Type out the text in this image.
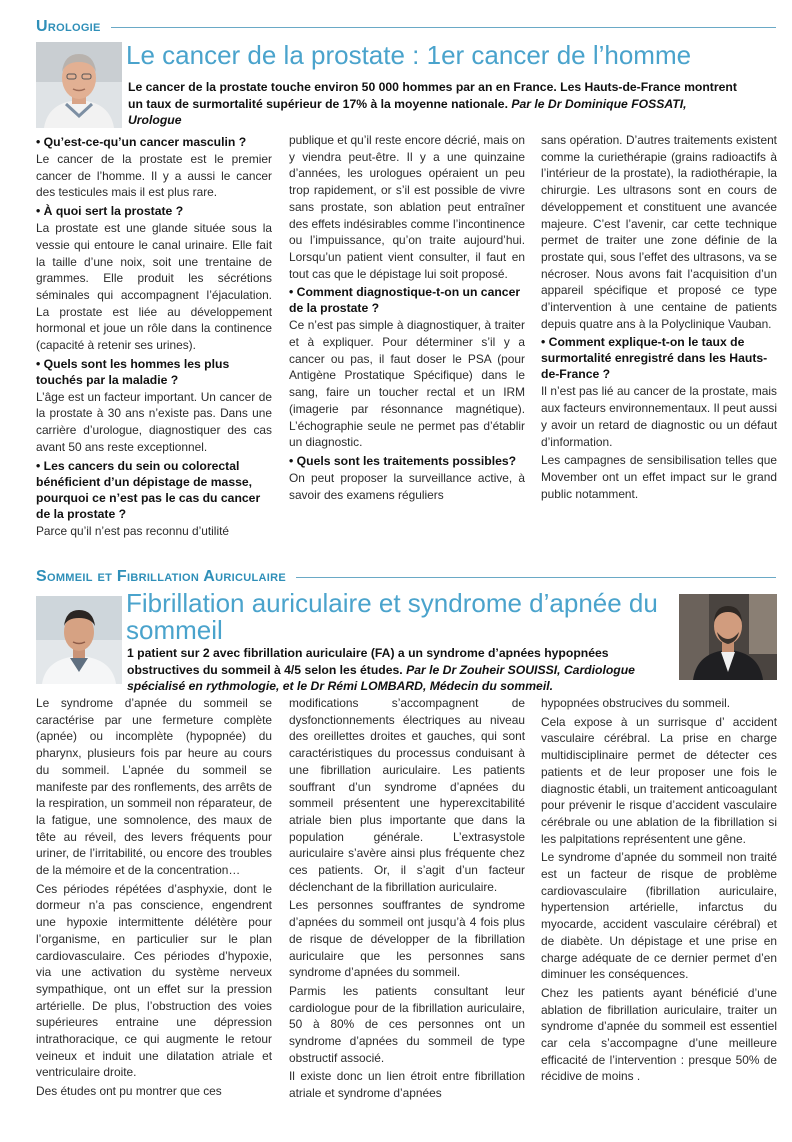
Urologie
Le cancer de la prostate : 1er cancer de l’homme
Le cancer de la prostate touche environ 50 000 hommes par an en France. Les Hauts-de-France montrent un taux de surmortalité supérieur de 17% à la moyenne nationale. Par le Dr Dominique FOSSATI, Urologue
• Qu’est-ce-qu’un cancer masculin ?

Le cancer de la prostate est le premier cancer de l’homme. Il y a aussi le cancer des testicules mais il est plus rare.

• À quoi sert la prostate ?

La prostate est une glande située sous la vessie qui entoure le canal urinaire. Elle fait la taille d’une noix, soit une trentaine de grammes. Elle produit les sécrétions séminales qui accompagnent l’éjaculation. La prostate est liée au développement hormonal et joue un rôle dans la continence (capacité à retenir ses urines).

• Quels sont les hommes les plus touchés par la maladie ?

L’âge est un facteur important. Un cancer de la prostate à 30 ans n’existe pas. Dans une carrière d’urologue, diagnostiquer des cas avant 50 ans reste exceptionnel.

• Les cancers du sein ou colorectal bénéficient d’un dépistage de masse, pourquoi ce n’est pas le cas du cancer de la prostate ?

Parce qu’il n’est pas reconnu d’utilité

publique et qu’il reste encore décrié, mais on y viendra peut-être. Il y a une quinzaine d’années, les urologues opéraient un peu trop rapidement, or s’il est possible de vivre sans prostate, son ablation peut entraîner des effets indésirables comme l’incontinence ou l’impuissance, qu’on traite aujourd’hui. Lorsqu’un patient vient consulter, il faut en tout cas que le dépistage lui soit proposé.

• Comment diagnostique-t-on un cancer de la prostate ?

Ce n’est pas simple à diagnostiquer, à traiter et à expliquer. Pour déterminer s’il y a cancer ou pas, il faut doser le PSA (pour Antigène Prostatique Spécifique) dans le sang, faire un toucher rectal et un IRM (imagerie par résonnance magnétique). L’échographie seule ne permet pas d’établir un diagnostic.

• Quels sont les traitements possibles?

On peut proposer la surveillance active, à savoir des examens réguliers

sans opération. D’autres traitements existent comme la curiethérapie (grains radioactifs à l’intérieur de la prostate), la radiothérapie, la chirurgie. Les ultrasons sont en cours de développement et constituent une avancée majeure. C’est l’avenir, car cette technique permet de traiter une zone définie de la prostate qui, sous l’effet des ultrasons, va se nécroser. Nous avons fait l’acquisition d’un appareil spécifique et proposé ce type d’intervention à une centaine de patients depuis quatre ans à la Polyclinique Vauban.

• Comment explique-t-on le taux de surmortalité enregistré dans les Hauts-de-France ?

Il n’est pas lié au cancer de la prostate, mais aux facteurs environnementaux. Il peut aussi y avoir un retard de diagnostic ou un défaut d’information.

Les campagnes de sensibilisation telles que Movember ont un effet impact sur le grand public notamment.

Sommeil et Fibrillation Auriculaire
Fibrillation auriculaire et syndrome d’apnée du sommeil
1 patient sur 2 avec fibrillation auriculaire (FA) a un syndrome d’apnées hypopnées obstructives du sommeil à 4/5 selon les études. Par le Dr Zouheir SOUISSI, Cardiologue spécialisé en rythmologie, et le Dr Rémi LOMBARD, Médecin du sommeil.

Le syndrome d’apnée du sommeil se caractérise par une fermeture complète (apnée) ou incomplète (hypopnée) du pharynx, plusieurs fois par heure au cours du sommeil. L’apnée du sommeil se manifeste par des ronflements, des arrêts de la respiration, un sommeil non réparateur, de la fatigue, une somnolence, des maux de tête au réveil, des levers fréquents pour uriner, de l’irritabilité, ou encore des troubles de la mémoire et de la concentration…

Ces périodes répétées d’asphyxie, dont le dormeur n’a pas conscience, engendrent une hypoxie intermittente délétère pour l’organisme, en particulier sur le plan cardiovasculaire. Ces périodes d’hypoxie, via une activation du système nerveux sympathique, ont un effet sur la pression artérielle. De plus, l’obstruction des voies supérieures entraine une dépression intrathoracique, ce qui augmente le retour veineux et induit une dilatation atriale et ventriculaire droite.

Des études ont pu montrer que ces

modifications s’accompagnent de dysfonctionnements électriques au niveau des oreillettes droites et gauches, qui sont caractéristiques du processus conduisant à une fibrillation auriculaire. Les patients souffrant d’un syndrome d’apnées du sommeil présentent une hyperexcitabilité atriale bien plus importante que dans la population générale. L’extrasystole auriculaire s’avère ainsi plus fréquente chez ces patients. Or, il s’agit d’un facteur déclenchant de la fibrillation auriculaire.

Les personnes souffrantes de syndrome d’apnées du sommeil ont jusqu’à 4 fois plus de risque de développer de la fibrillation auriculaire que les personnes sans syndrome d’apnées du sommeil.

Parmis les patients consultant leur cardiologue pour de la fibrillation auriculaire, 50 à 80% de ces personnes ont un syndrome d’apnées du sommeil de type obstructif associé.

Il existe donc un lien étroit entre fibrillation atriale et syndrome d’apnées

hypopnées obstrucives du sommeil.

Cela expose à un surrisque d’ accident vasculaire cérébral. La prise en charge multidisciplinaire permet de détecter ces patients et de leur proposer une fois le diagnostic établi, un traitement anticoagulant pour prévenir le risque d’accident vasculaire cérébrale ou une ablation de la fibrillation si les palpitations représentent une gêne.

Le syndrome d’apnée du sommeil non traité est un facteur de risque de problème cardiovasculaire (fibrillation auriculaire, hypertension artérielle, infarctus du myocarde, accident vasculaire cérébral) et de diabète. Un dépistage et une prise en charge adéquate de ce dernier permet d’en diminuer les conséquences.

Chez les patients ayant bénéficié d’une ablation de fibrillation auriculaire, traiter un syndrome d’apnée du sommeil est essentiel car cela s’accompagne d’une meilleure efficacité de l’intervention : presque 50% de récidive de moins .
